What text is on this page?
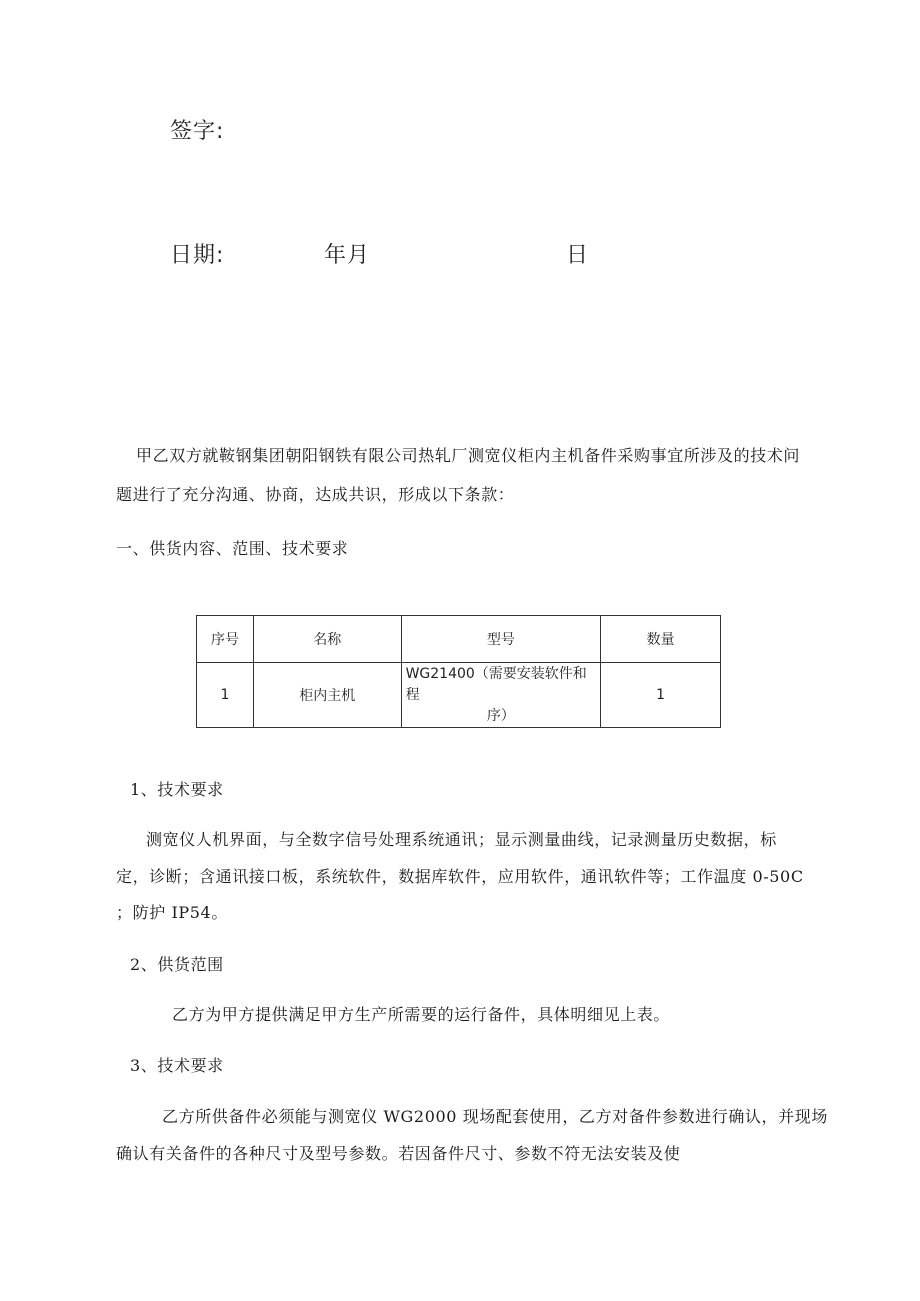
签字:
日期:	年月	日
甲乙双方就鞍钢集团朝阳钢铁有限公司热轧厂测宽仪柜内主机备件采购事宜所涉及的技术问
题进行了充分沟通、协商，达成共识，形成以下条款：
一、供货内容、范围、技术要求
序号	名称	型号	数量
1	柜内主机	WG21400（需要安装软件和程
序）	1
1、技术要求
测宽仪人机界面，与全数字信号处理系统通讯；显示测量曲线，记录测量历史数据，标
定，诊断；含通讯接口板，系统软件，数据库软件，应用软件，通讯软件等；工作温度 0-50C
；防护 IP54。
2、供货范围
乙方为甲方提供满足甲方生产所需要的运行备件，具体明细见上表。
3、技术要求
乙方所供备件必须能与测宽仪 WG2000 现场配套使用，乙方对备件参数进行确认，并现场
确认有关备件的各种尺寸及型号参数。若因备件尺寸、参数不符无法安装及使
